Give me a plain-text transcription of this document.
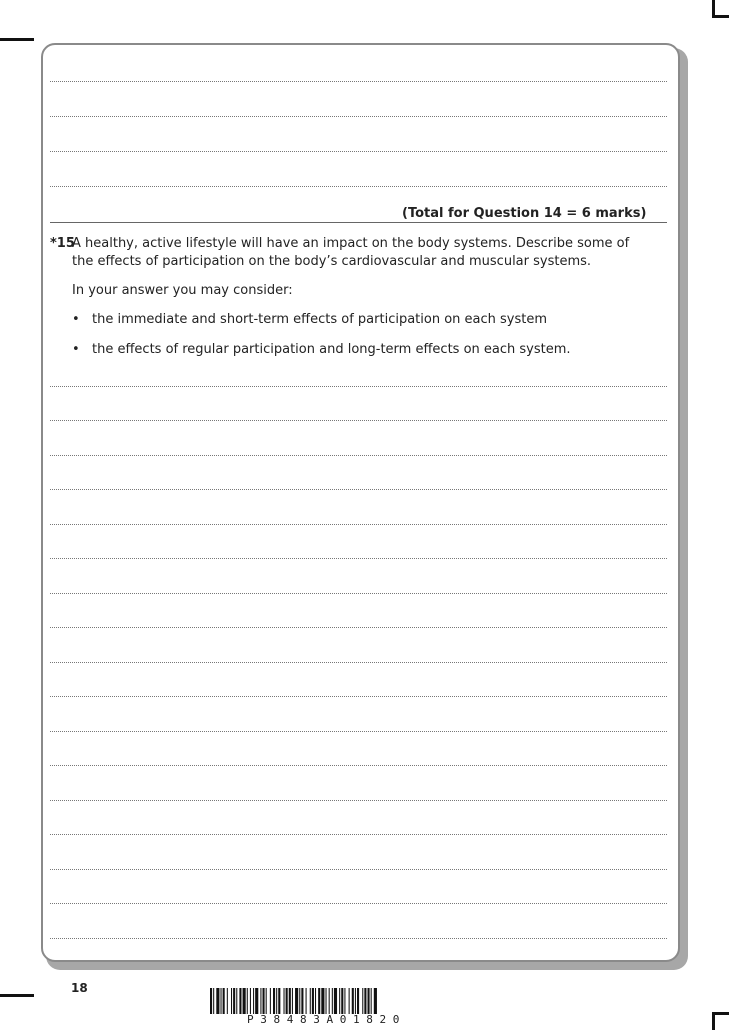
(Total for Question 14 = 6 marks)
*15A healthy, active lifestyle will have an impact on the body systems. Describe some of
the effects of participation on the body’s cardiovascular and muscular systems.
In your answer you may consider:
• the immediate and short-term effects of participation on each system
• the effects of regular participation and long-term effects on each system.
18
P 3 8 4 8 3 A 0 1 8 2 0
